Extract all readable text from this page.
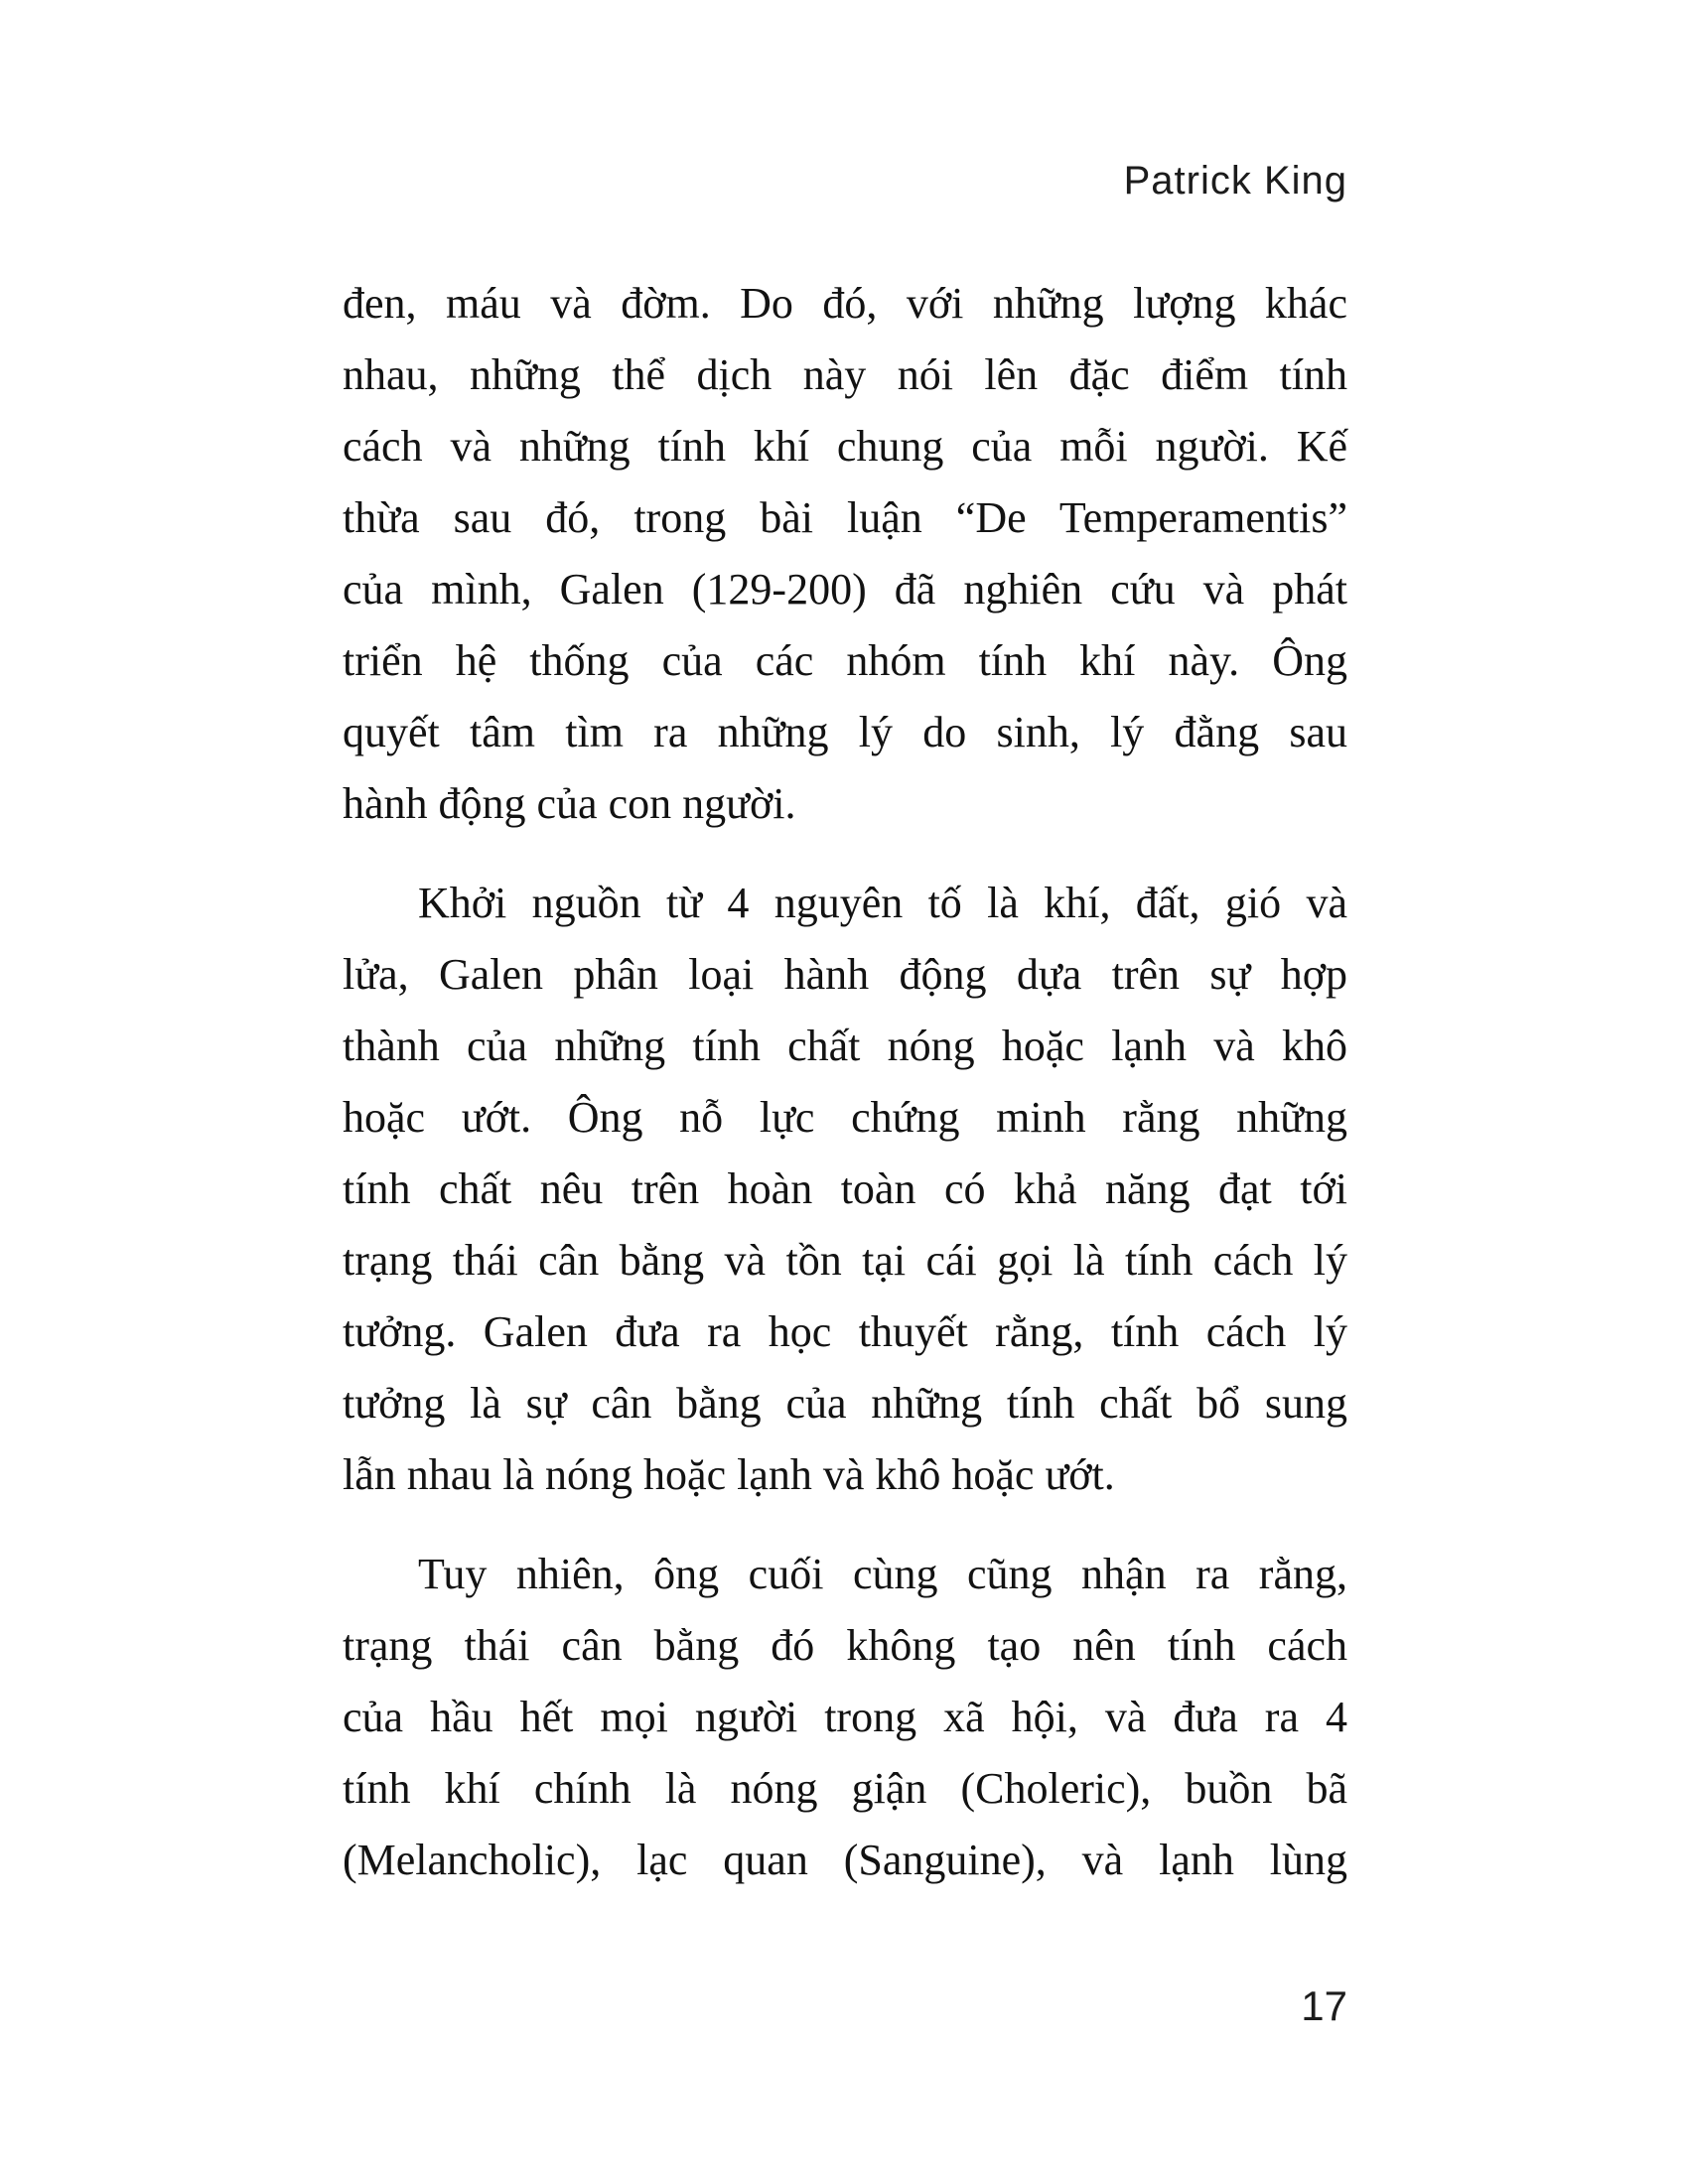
Patrick King
đen, máu và đờm. Do đó, với những lượng khác
nhau, những thể dịch này nói lên đặc điểm tính
cách và những tính khí chung của mỗi người. Kế
thừa sau đó, trong bài luận “De Temperamentis”
của mình, Galen (129-200) đã nghiên cứu và phát
triển hệ thống của các nhóm tính khí này. Ông
quyết tâm tìm ra những lý do sinh, lý đằng sau
hành động của con người.
Khởi nguồn từ 4 nguyên tố là khí, đất, gió và
lửa, Galen phân loại hành động dựa trên sự hợp
thành của những tính chất nóng hoặc lạnh và khô
hoặc ướt. Ông nỗ lực chứng minh rằng những
tính chất nêu trên hoàn toàn có khả năng đạt tới
trạng thái cân bằng và tồn tại cái gọi là tính cách lý
tưởng. Galen đưa ra học thuyết rằng, tính cách lý
tưởng là sự cân bằng của những tính chất bổ sung
lẫn nhau là nóng hoặc lạnh và khô hoặc ướt.
Tuy nhiên, ông cuối cùng cũng nhận ra rằng,
trạng thái cân bằng đó không tạo nên tính cách
của hầu hết mọi người trong xã hội, và đưa ra 4
tính khí chính là nóng giận (Choleric), buồn bã
(Melancholic), lạc quan (Sanguine), và lạnh lùng
17
